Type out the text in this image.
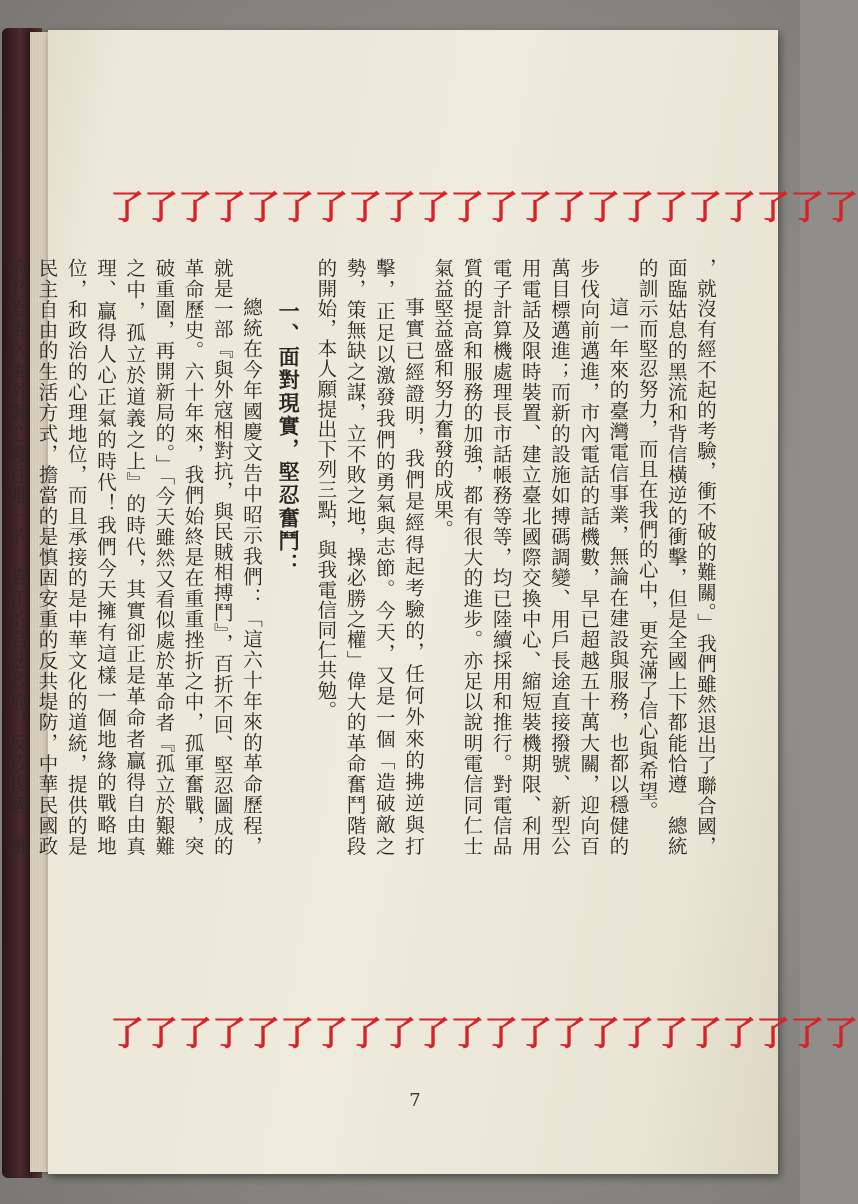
了 了 了 了 了 了 了 了 了 了 了 了 了 了 了 了 了 了 了 了 了 了
了 了 了 了 了 了 了 了 了 了 了 了 了 了 了 了 了 了 了 了 了 了

，就沒有經不起的考驗，衝不破的難關。」我們雖然退出了聯合國，面臨姑息的黑流和背信橫逆的衝擊，但是全國上下都能恰遵　總統的訓示而堅忍努力，而且在我們的心中，更充滿了信心與希望。

這一年來的臺灣電信事業，無論在建設與服務，也都以穩健的步伐向前邁進，市內電話的話機數，早已超越五十萬大關，迎向百萬目標邁進；而新的設施如搏碼調變、用戶長途直接撥號、新型公用電話及限時裝置、建立臺北國際交換中心、縮短裝機期限、利用電子計算機處理長市話帳務等等，均已陸續採用和推行。對電信品質的提高和服務的加強，都有很大的進步。亦足以說明電信同仁士氣益堅益盛和努力奮發的成果。

事實已經證明，我們是經得起考驗的，任何外來的拂逆與打擊，正足以激發我們的勇氣與志節。今天，又是一個「造破敵之勢，策無缺之謀，立不敗之地，操必勝之權」偉大的革命奮鬥階段的開始，本人願提出下列三點，與我電信同仁共勉。

一、面對現實，堅忍奮鬥：

總統在今年國慶文告中昭示我們：「這六十年來的革命歷程，就是一部『與外寇相對抗，與民賊相搏鬥』，百折不回、堅忍圖成的革命歷史。六十年來，我們始終是在重重挫折之中，孤軍奮戰，突破重圍，再開新局的。」「今天雖然又看似處於革命者『孤立於艱難之中，孤立於道義之上』的時代，其實卻正是革命者贏得自由真理、贏得人心正氣的時代！我們今天擁有這樣一個地緣的戰略地位，和政治的心理地位，而且承接的是中華文化的道統，提供的是民主自由的生活方式，擔當的是慎固安重的反共堤防，中華民國政府乃為海內海外歸心嚶往唯一的、真正的合法政府！反攻復國，戲

7
